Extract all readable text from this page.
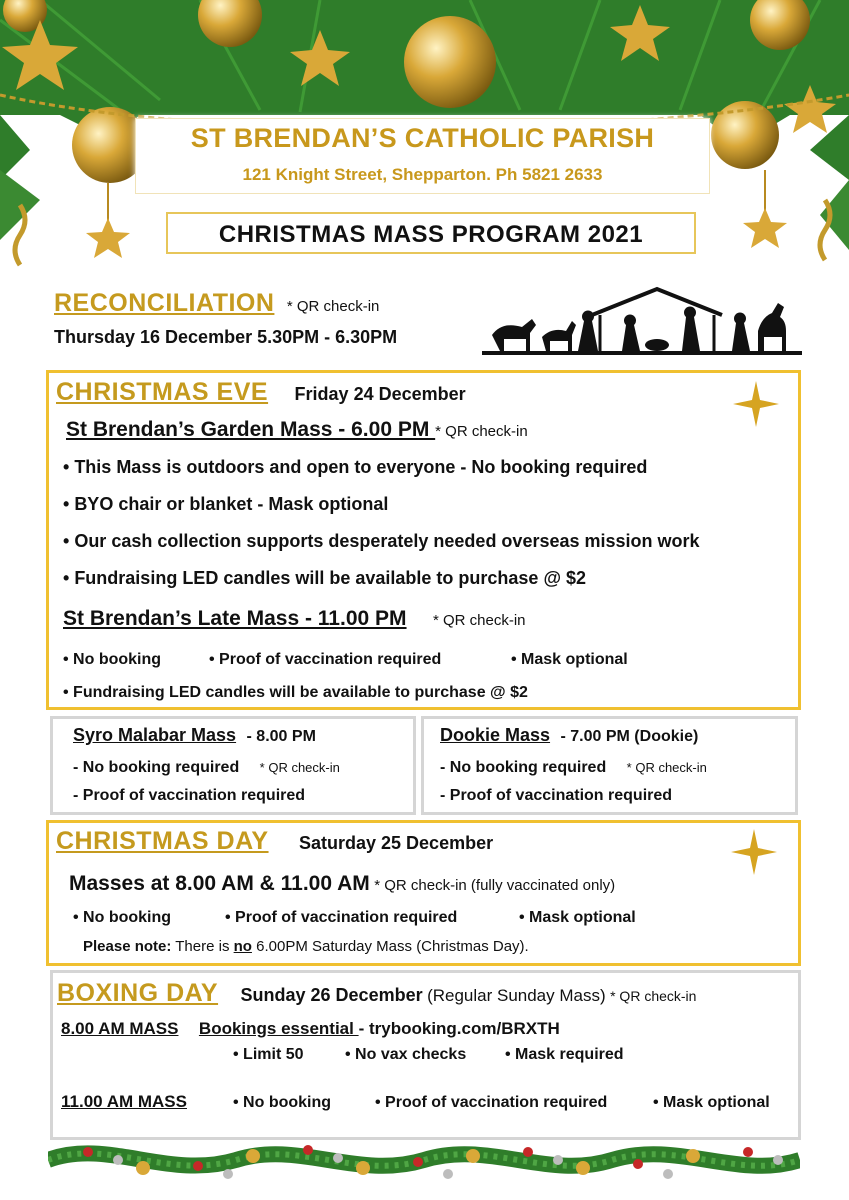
ST BRENDAN’S CATHOLIC PARISH
121 Knight Street, Shepparton. Ph 5821 2633
CHRISTMAS MASS PROGRAM 2021
RECONCILIATION * QR check-in
Thursday 16 December 5.30PM - 6.30PM
CHRISTMAS EVE Friday 24 December
St Brendan’s Garden Mass - 6.00 PM * QR check-in
• This Mass is outdoors and open to everyone - No booking required
• BYO chair or blanket - Mask optional
• Our cash collection supports desperately needed overseas mission work
• Fundraising LED candles will be available to purchase @ $2
St Brendan’s Late Mass - 11.00 PM * QR check-in
• No booking	• Proof of vaccination required	• Mask optional
• Fundraising LED candles will be available to purchase @ $2
Syro Malabar Mass - 8.00 PM
- No booking required * QR check-in
- Proof of vaccination required
Dookie Mass - 7.00 PM (Dookie)
- No booking required * QR check-in
- Proof of vaccination required
CHRISTMAS DAY Saturday 25 December
Masses at 8.00 AM & 11.00 AM * QR check-in (fully vaccinated only)
• No booking	• Proof of vaccination required	• Mask optional
Please note: There is no 6.00PM Saturday Mass (Christmas Day).
BOXING DAY Sunday 26 December (Regular Sunday Mass) * QR check-in
8.00 AM MASS Bookings essential - trybooking.com/BRXTH
• Limit 50	• No vax checks	• Mask required
11.00 AM MASS	• No booking	• Proof of vaccination required	• Mask optional
